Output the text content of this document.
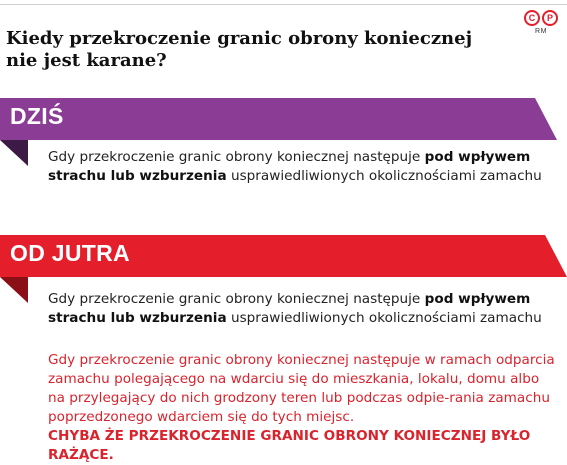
C	P
RM
Kiedy przekroczenie granic obrony koniecznej
nie jest karane?
DZIŚ
Gdy przekroczenie granic obrony koniecznej następuje pod wpływem strachu lub wzburzenia usprawiedliwionych okolicznościami zamachu
OD JUTRA
Gdy przekroczenie granic obrony koniecznej następuje pod wpływem strachu lub wzburzenia usprawiedliwionych okolicznościami zamachu
Gdy przekroczenie granic obrony koniecznej następuje w ramach odparcia zamachu polegającego na wdarciu się do mieszkania, lokalu, domu albo na przylegający do nich grodzony teren lub podczas odpie-rania zamachu poprzedzonego wdarciem się do tych miejsc.
CHYBA ŻE PRZEKROCZENIE GRANIC OBRONY KONIECZNEJ BYŁO RAŻĄCE.
